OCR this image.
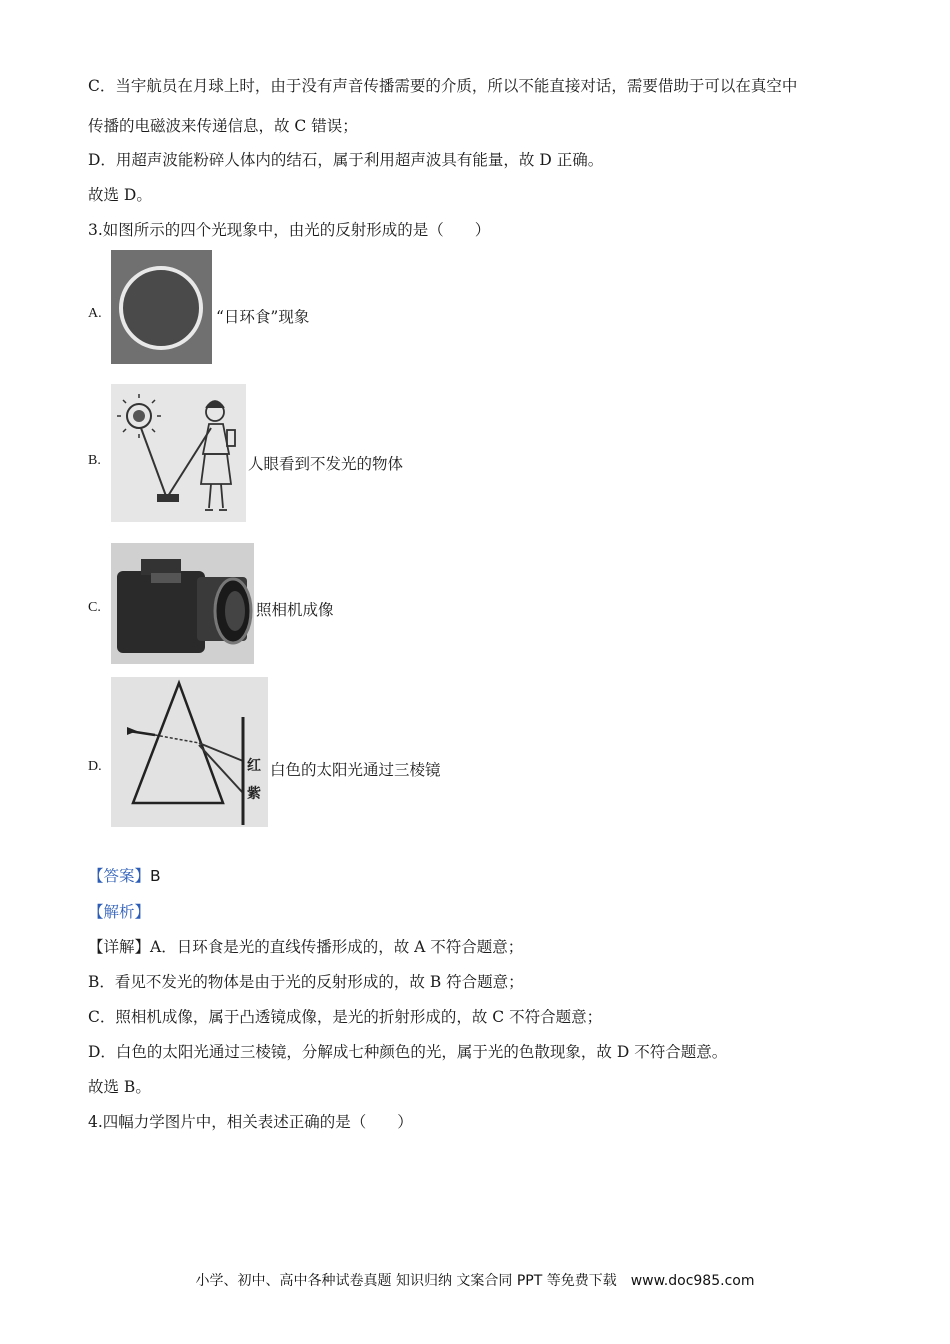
C．当宇航员在月球上时，由于没有声音传播需要的介质，所以不能直接对话，需要借助于可以在真空中
传播的电磁波来传递信息，故 C 错误；
D．用超声波能粉碎人体内的结石，属于利用超声波具有能量，故 D 正确。
故选 D。
3.如图所示的四个光现象中，由光的反射形成的是（　　）
A.	“日环食”现象
B.	人眼看到不发光的物体
C.	照相机成像
D.	红
紫
白色的太阳光通过三棱镜
【答案】B
【解析】
【详解】A．日环食是光的直线传播形成的，故 A 不符合题意；
B．看见不发光的物体是由于光的反射形成的，故 B 符合题意；
C．照相机成像，属于凸透镜成像，是光的折射形成的，故 C 不符合题意；
D．白色的太阳光通过三棱镜，分解成七种颜色的光，属于光的色散现象，故 D 不符合题意。
故选 B。
4.四幅力学图片中，相关表述正确的是（　　）
小学、初中、高中各种试卷真题 知识归纳 文案合同 PPT 等免费下载　www.doc985.com
